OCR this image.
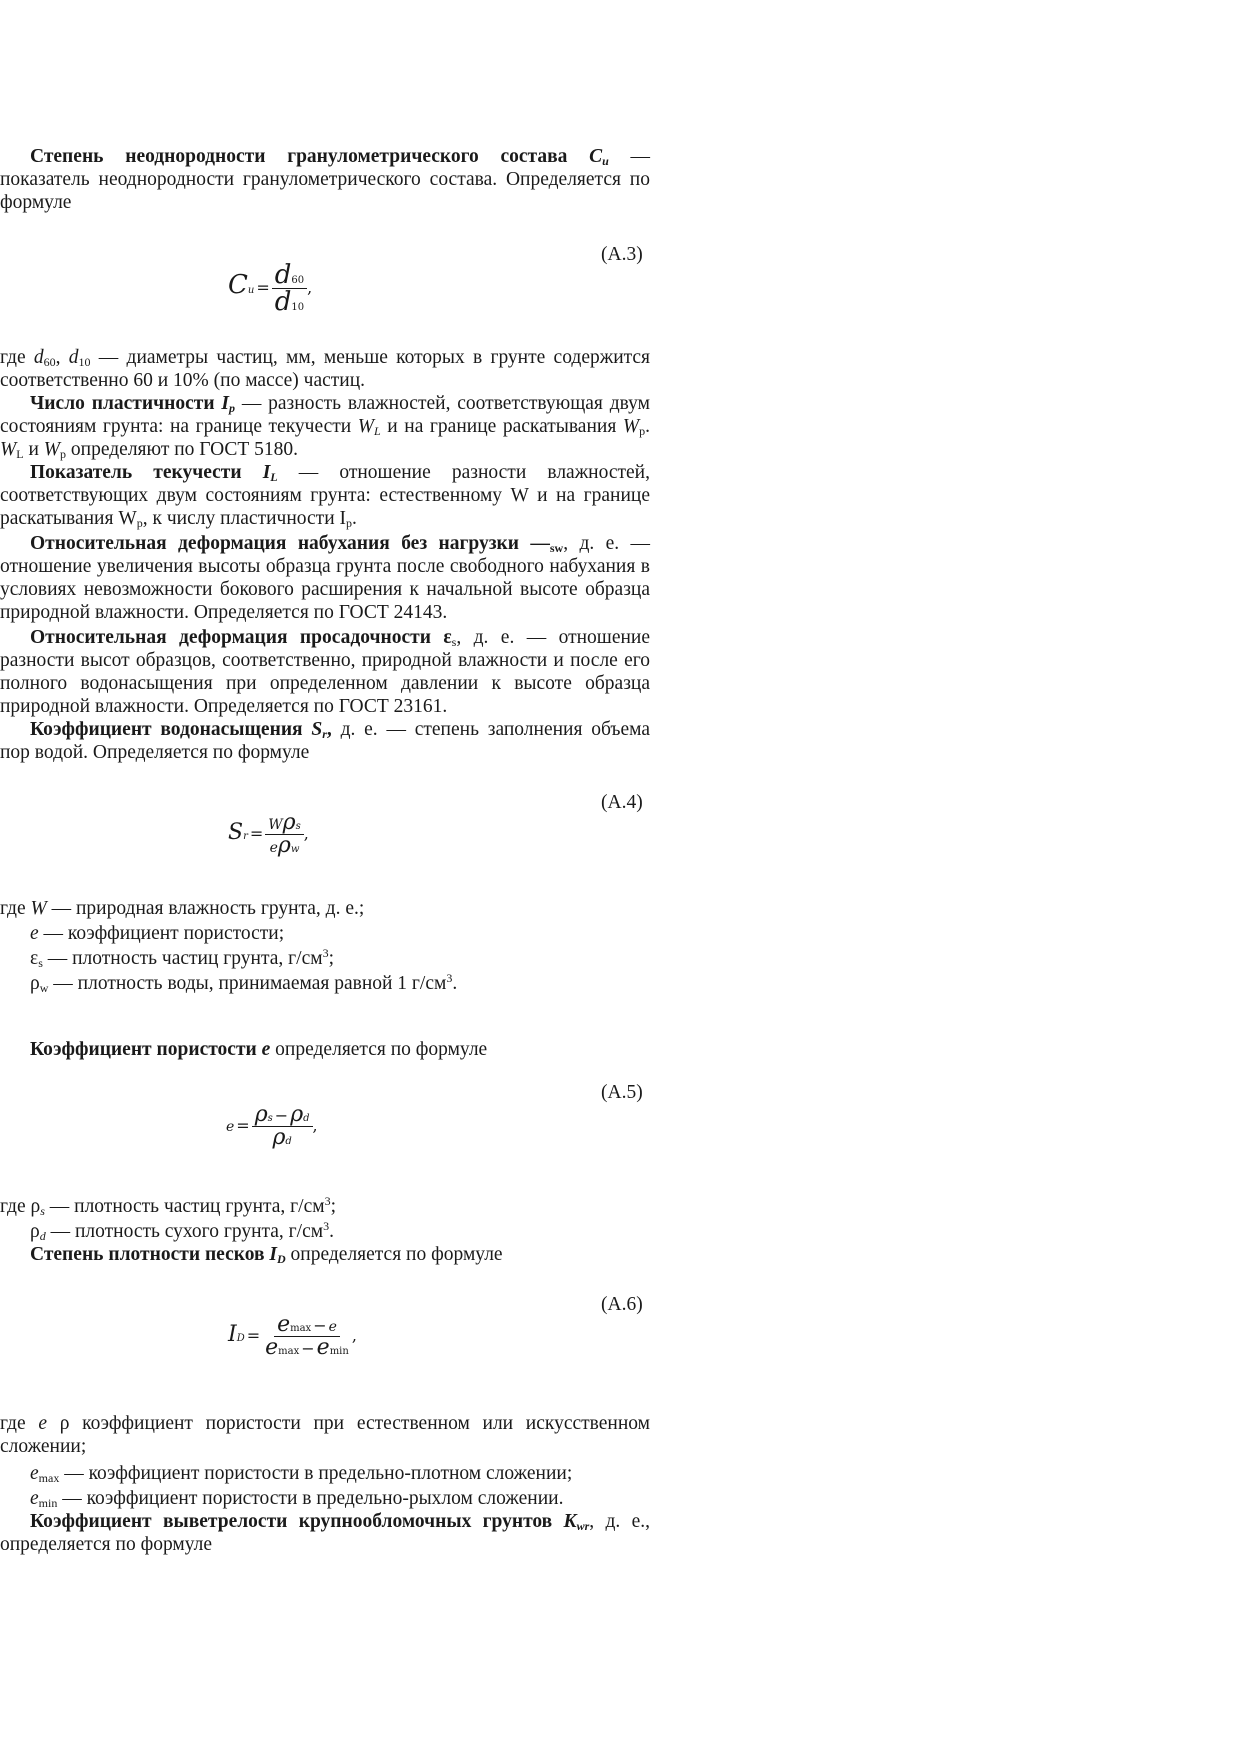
Степень неоднородности гранулометрического состава $C_u$ — показатель неоднородности гранулометрического состава. Определяется по формуле

(А.3)
$Cu = \frac{d60}{d10}$ ,

где $d_{60}$, $d_{10}$ — диаметры частиц, мм, меньше которых в грунте содержится соответственно 60 и 10% (по массе) частиц.

Число пластичности $I_p$ — разность влажностей, соответствующая двум состояниям грунта: на границе текучести $W_L$ и на границе раскатывания $W_p$. $W_L$ и $W_p$ определяют по ГОСТ 5180.

Показатель текучести $I_L$ — отношение разности влажностей, соответствующих двум состояниям грунта: естественному W и на границе раскатывания $W_p$, к числу пластичности $I_p$.

Относительная деформация набухания без нагрузки $—_{sw}$, д. е. — отношение увеличения высоты образца грунта после свободного набухания в условиях невозможности бокового расширения к начальной высоте образца природной влажности. Определяется по ГОСТ 24143.

Относительная деформация просадочности $\varepsilon_s$, д. е. — отношение разности высот образцов, соответственно, природной влажности и после его полного водонасыщения при определенном давлении к высоте образца природной влажности. Определяется по ГОСТ 23161.

Коэффициент водонасыщения $S_r$, д. е. — степень заполнения объема пор водой. Определяется по формуле

(А.4)
$Sr = \frac{\text{Wρs}}{\text{eρw}}$ ,

где W — природная влажность грунта, д. е.;

e — коэффициент пористости;

$\varepsilon_s$ — плотность частиц грунта, $г/см^3$;

$\rho_w$ — плотность воды, принимаемая равной 1 $г/см^3$.

Коэффициент пористости e определяется по формуле

(А.5)
$e = \frac{\rho s -\rho d}{\rho d}$ ,

где $\rho_s$ — плотность частиц грунта, $г/см^3$;

$\rho_d$ — плотность сухого грунта, $г/см^3$.

Степень плотности песков $I_D$ определяется по формуле

(А.6)
ID = $\frac{emax - e}{emax -emin}$ ,

где e ρ коэффициент пористости при естественном или искусственном сложении;

$e_{max}$ — коэффициент пористости в предельно-плотном сложении;

$e_{min}$ — коэффициент пористости в предельно-рыхлом сложении.

Коэффициент выветрелости крупнообломочных грунтов $K_{wr}$, д. е., определяется по формуле
